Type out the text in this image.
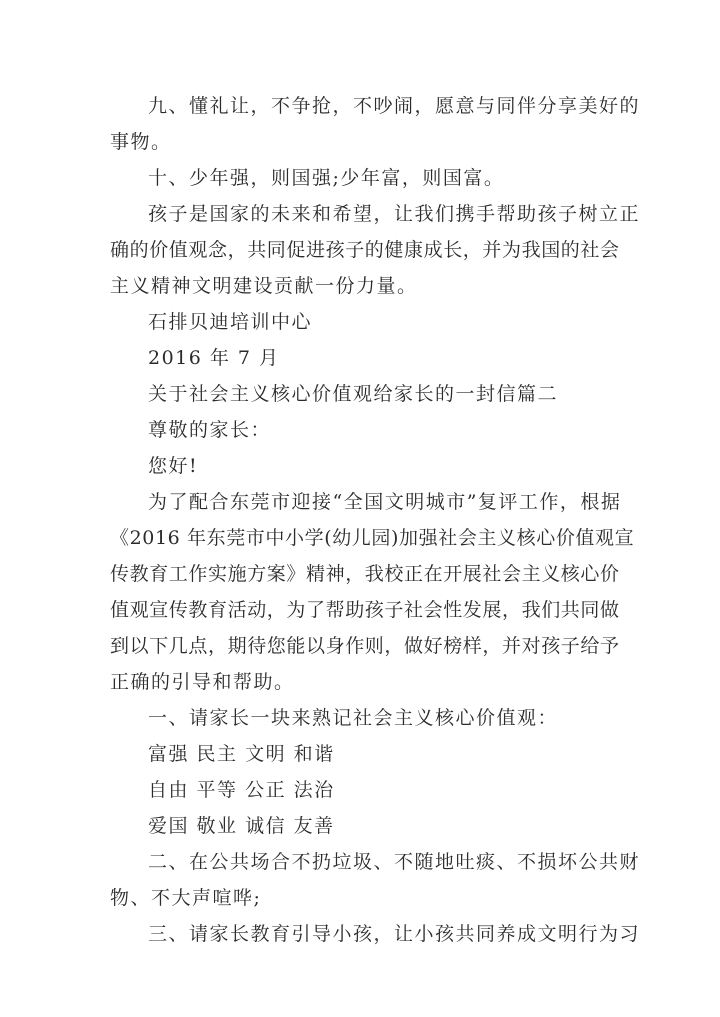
九、懂礼让，不争抢，不吵闹，愿意与同伴分享美好的
事物。
十、少年强，则国强;少年富，则国富。
孩子是国家的未来和希望，让我们携手帮助孩子树立正
确的价值观念，共同促进孩子的健康成长，并为我国的社会
主义精神文明建设贡献一份力量。
石排贝迪培训中心
2016 年 7 月
关于社会主义核心价值观给家长的一封信篇二
尊敬的家长：
您好!
为了配合东莞市迎接“全国文明城市”复评工作，根据
《2016 年东莞市中小学(幼儿园)加强社会主义核心价值观宣
传教育工作实施方案》精神，我校正在开展社会主义核心价
值观宣传教育活动，为了帮助孩子社会性发展，我们共同做
到以下几点，期待您能以身作则，做好榜样，并对孩子给予
正确的引导和帮助。
一、请家长一块来熟记社会主义核心价值观：
富强 民主 文明 和谐
自由 平等 公正 法治
爱国 敬业 诚信 友善
二、在公共场合不扔垃圾、不随地吐痰、不损坏公共财
物、不大声喧哗;
三、请家长教育引导小孩，让小孩共同养成文明行为习
